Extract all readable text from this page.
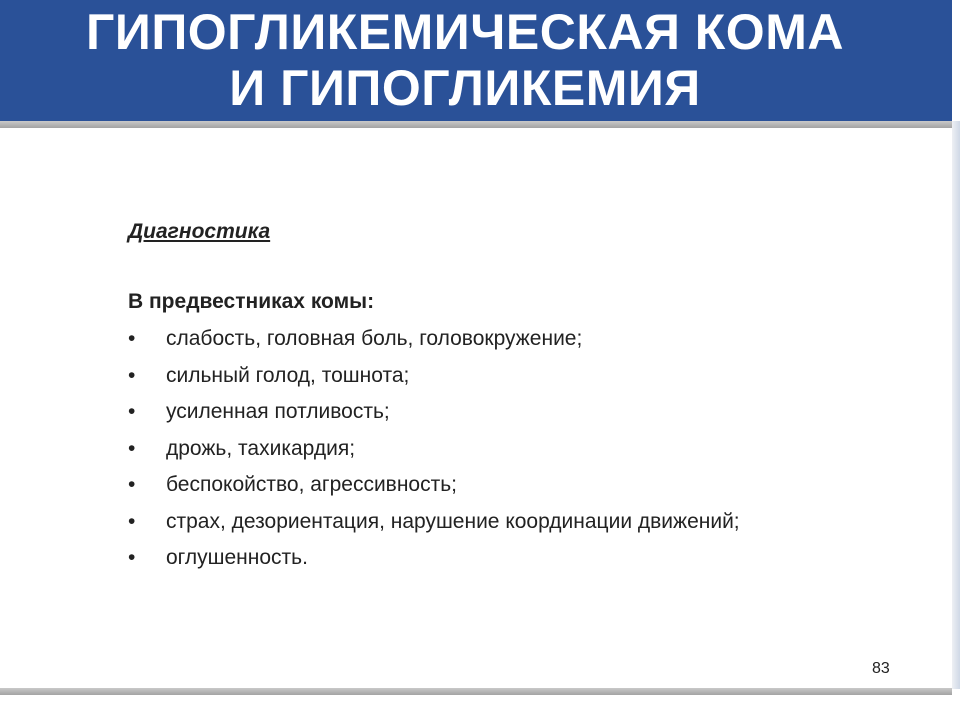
ГИПОГЛИКЕМИЧЕСКАЯ КОМА
И ГИПОГЛИКЕМИЯ
Диагностика
В предвестниках комы:
• слабость, головная боль, головокружение;
• сильный голод, тошнота;
• усиленная потливость;
• дрожь, тахикардия;
• беспокойство, агрессивность;
• страх, дезориентация, нарушение координации движений;
• оглушенность.
83
